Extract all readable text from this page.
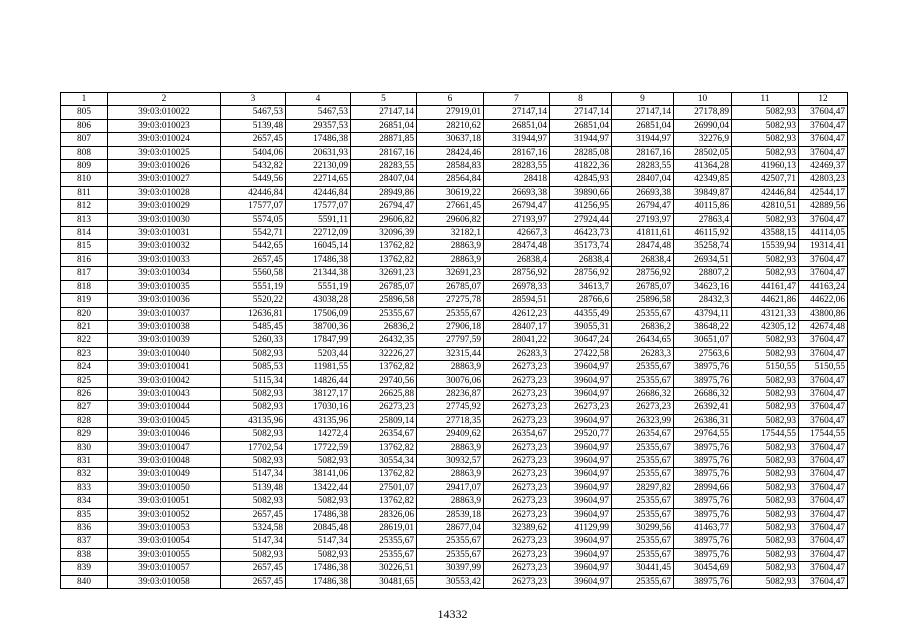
1	2	3	4	5	6	7	8	9	10	11	12
805	39:03:010022	5467,53	5467,53	27147,14	27919,01	27147,14	27147,14	27147,14	27178,89	5082,93	37604,47
806	39:03:010023	5139,48	29357,53	26851,04	28210,62	26851,04	26851,04	26851,04	26990,04	5082,93	37604,47
807	39:03:010024	2657,45	17486,38	28871,85	30637,18	31944,97	31944,97	31944,97	32276,9	5082,93	37604,47
808	39:03:010025	5404,06	20631,93	28167,16	28424,46	28167,16	28285,08	28167,16	28502,05	5082,93	37604,47
809	39:03:010026	5432,82	22130,09	28283,55	28584,83	28283,55	41822,36	28283,55	41364,28	41960,13	42469,37
810	39:03:010027	5449,56	22714,65	28407,04	28564,84	28418	42845,93	28407,04	42349,85	42507,71	42803,23
811	39:03:010028	42446,84	42446,84	28949,86	30619,22	26693,38	39890,66	26693,38	39849,87	42446,84	42544,17
812	39:03:010029	17577,07	17577,07	26794,47	27661,45	26794,47	41256,95	26794,47	40115,86	42810,51	42889,56
813	39:03:010030	5574,05	5591,11	29606,82	29606,82	27193,97	27924,44	27193,97	27863,4	5082,93	37604,47
814	39:03:010031	5542,71	22712,09	32096,39	32182,1	42667,3	46423,73	41811,61	46115,92	43588,15	44114,05
815	39:03:010032	5442,65	16045,14	13762,82	28863,9	28474,48	35173,74	28474,48	35258,74	15539,94	19314,41
816	39:03:010033	2657,45	17486,38	13762,82	28863,9	26838,4	26838,4	26838,4	26934,51	5082,93	37604,47
817	39:03:010034	5560,58	21344,38	32691,23	32691,23	28756,92	28756,92	28756,92	28807,2	5082,93	37604,47
818	39:03:010035	5551,19	5551,19	26785,07	26785,07	26978,33	34613,7	26785,07	34623,16	44161,47	44163,24
819	39:03:010036	5520,22	43038,28	25896,58	27275,78	28594,51	28766,6	25896,58	28432,3	44621,86	44622,06
820	39:03:010037	12636,81	17506,09	25355,67	25355,67	42612,23	44355,49	25355,67	43794,11	43121,33	43800,86
821	39:03:010038	5485,45	38700,36	26836,2	27906,18	28407,17	39055,31	26836,2	38648,22	42305,12	42674,48
822	39:03:010039	5260,33	17847,99	26432,35	27797,59	28041,22	30647,24	26434,65	30651,07	5082,93	37604,47
823	39:03:010040	5082,93	5203,44	32226,27	32315,44	26283,3	27422,58	26283,3	27563,6	5082,93	37604,47
824	39:03:010041	5085,53	11981,55	13762,82	28863,9	26273,23	39604,97	25355,67	38975,76	5150,55	5150,55
825	39:03:010042	5115,34	14826,44	29740,56	30076,06	26273,23	39604,97	25355,67	38975,76	5082,93	37604,47
826	39:03:010043	5082,93	38127,17	26625,88	28236,87	26273,23	39604,97	26686,32	26686,32	5082,93	37604,47
827	39:03:010044	5082,93	17030,16	26273,23	27745,92	26273,23	26273,23	26273,23	26392,41	5082,93	37604,47
828	39:03:010045	43135,96	43135,96	25809,14	27718,35	26273,23	39604,97	26323,99	26386,31	5082,93	37604,47
829	39:03:010046	5082,93	14272,4	26354,67	29409,62	26354,67	29520,77	26354,67	29764,55	17544,55	17544,55
830	39:03:010047	17702,54	17722,59	13762,82	28863,9	26273,23	39604,97	25355,67	38975,76	5082,93	37604,47
831	39:03:010048	5082,93	5082,93	30554,34	30932,57	26273,23	39604,97	25355,67	38975,76	5082,93	37604,47
832	39:03:010049	5147,34	38141,06	13762,82	28863,9	26273,23	39604,97	25355,67	38975,76	5082,93	37604,47
833	39:03:010050	5139,48	13422,44	27501,07	29417,07	26273,23	39604,97	28297,82	28994,66	5082,93	37604,47
834	39:03:010051	5082,93	5082,93	13762,82	28863,9	26273,23	39604,97	25355,67	38975,76	5082,93	37604,47
835	39:03:010052	2657,45	17486,38	28326,06	28539,18	26273,23	39604,97	25355,67	38975,76	5082,93	37604,47
836	39:03:010053	5324,58	20845,48	28619,01	28677,04	32389,62	41129,99	30299,56	41463,77	5082,93	37604,47
837	39:03:010054	5147,34	5147,34	25355,67	25355,67	26273,23	39604,97	25355,67	38975,76	5082,93	37604,47
838	39:03:010055	5082,93	5082,93	25355,67	25355,67	26273,23	39604,97	25355,67	38975,76	5082,93	37604,47
839	39:03:010057	2657,45	17486,38	30226,51	30397,99	26273,23	39604,97	30441,45	30454,69	5082,93	37604,47
840	39:03:010058	2657,45	17486,38	30481,65	30553,42	26273,23	39604,97	25355,67	38975,76	5082,93	37604,47
14332
